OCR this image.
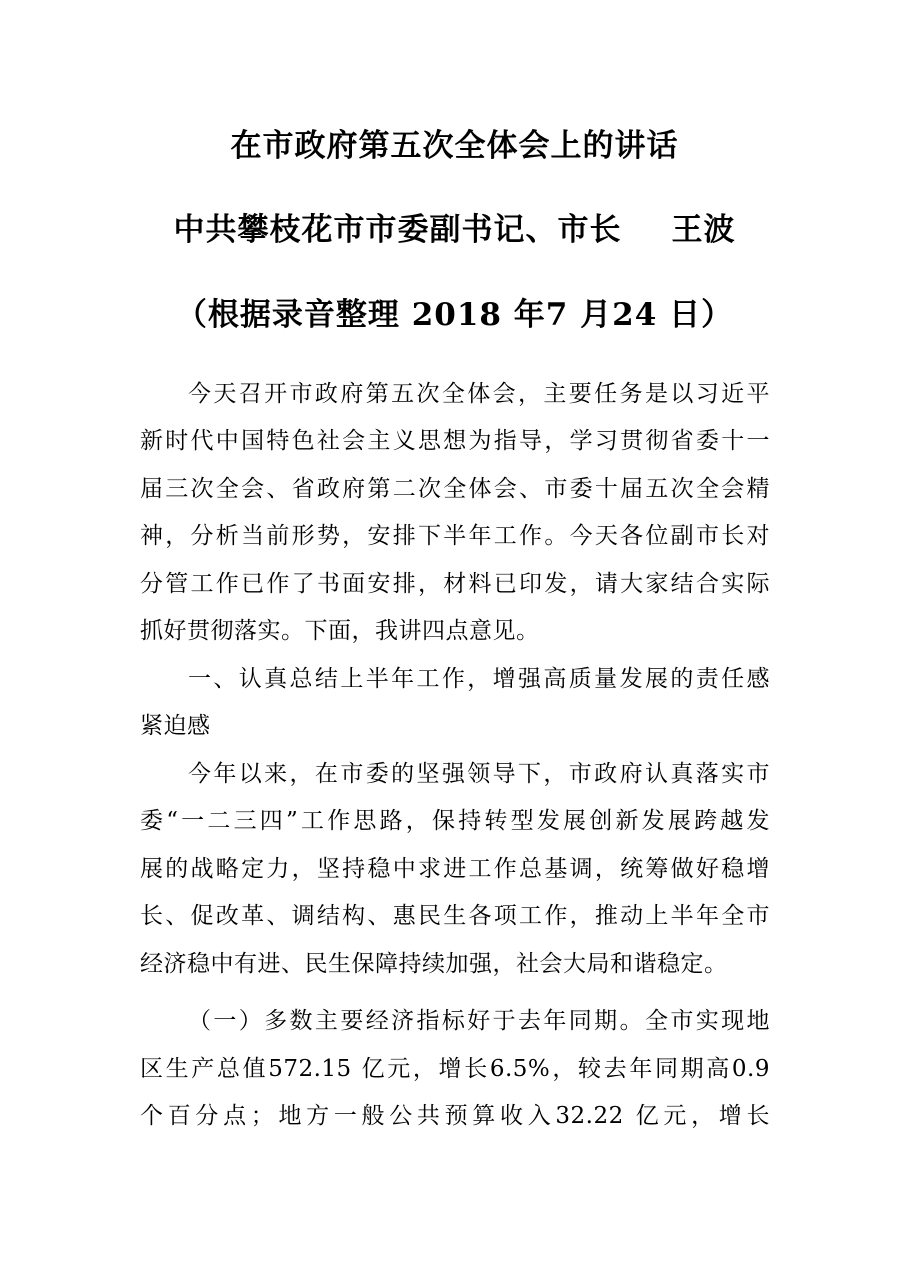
在市政府第五次全体会上的讲话
中共攀枝花市市委副书记、市长 王波
（根据录音整理 2018 年7 月24 日）
今天召开市政府第五次全体会，主要任务是以习近平
新时代中国特色社会主义思想为指导，学习贯彻省委十一
届三次全会、省政府第二次全体会、市委十届五次全会精
神，分析当前形势，安排下半年工作。今天各位副市长对
分管工作已作了书面安排，材料已印发，请大家结合实际
抓好贯彻落实。下面，我讲四点意见。
一、认真总结上半年工作，增强高质量发展的责任感
紧迫感
今年以来，在市委的坚强领导下，市政府认真落实市
委“一二三四”工作思路，保持转型发展创新发展跨越发
展的战略定力，坚持稳中求进工作总基调，统筹做好稳增
长、促改革、调结构、惠民生各项工作，推动上半年全市
经济稳中有进、民生保障持续加强，社会大局和谐稳定。
（一）多数主要经济指标好于去年同期。全市实现地
区生产总值572.15 亿元，增长6.5%，较去年同期高0.9
个百分点；地方一般公共预算收入32.22 亿元，增长
